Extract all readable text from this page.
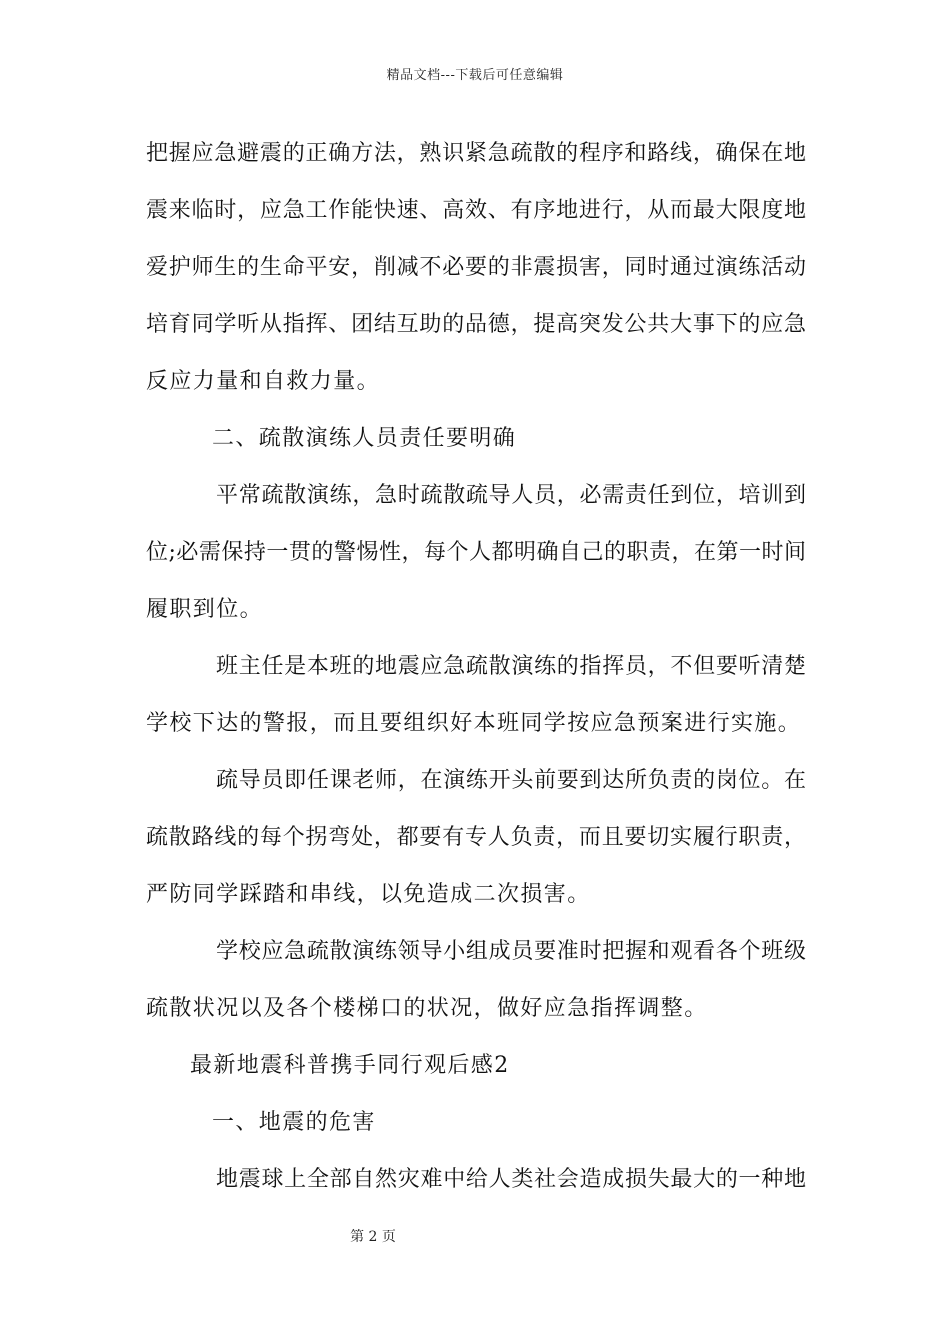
精品文档---下载后可任意编辑
把握应急避震的正确方法，熟识紧急疏散的程序和路线，确保在地
震来临时，应急工作能快速、高效、有序地进行，从而最大限度地
爱护师生的生命平安，削减不必要的非震损害，同时通过演练活动
培育同学听从指挥、团结互助的品德，提高突发公共大事下的应急
反应力量和自救力量。
二、疏散演练人员责任要明确
平常疏散演练，急时疏散疏导人员，必需责任到位，培训到
位;必需保持一贯的警惕性，每个人都明确自己的职责，在第一时间
履职到位。
班主任是本班的地震应急疏散演练的指挥员，不但要听清楚
学校下达的警报，而且要组织好本班同学按应急预案进行实施。
疏导员即任课老师，在演练开头前要到达所负责的岗位。在
疏散路线的每个拐弯处，都要有专人负责，而且要切实履行职责，
严防同学踩踏和串线，以免造成二次损害。
学校应急疏散演练领导小组成员要准时把握和观看各个班级
疏散状况以及各个楼梯口的状况，做好应急指挥调整。
最新地震科普携手同行观后感2
一、地震的危害
地震球上全部自然灾难中给人类社会造成损失最大的一种地
第 2 页
